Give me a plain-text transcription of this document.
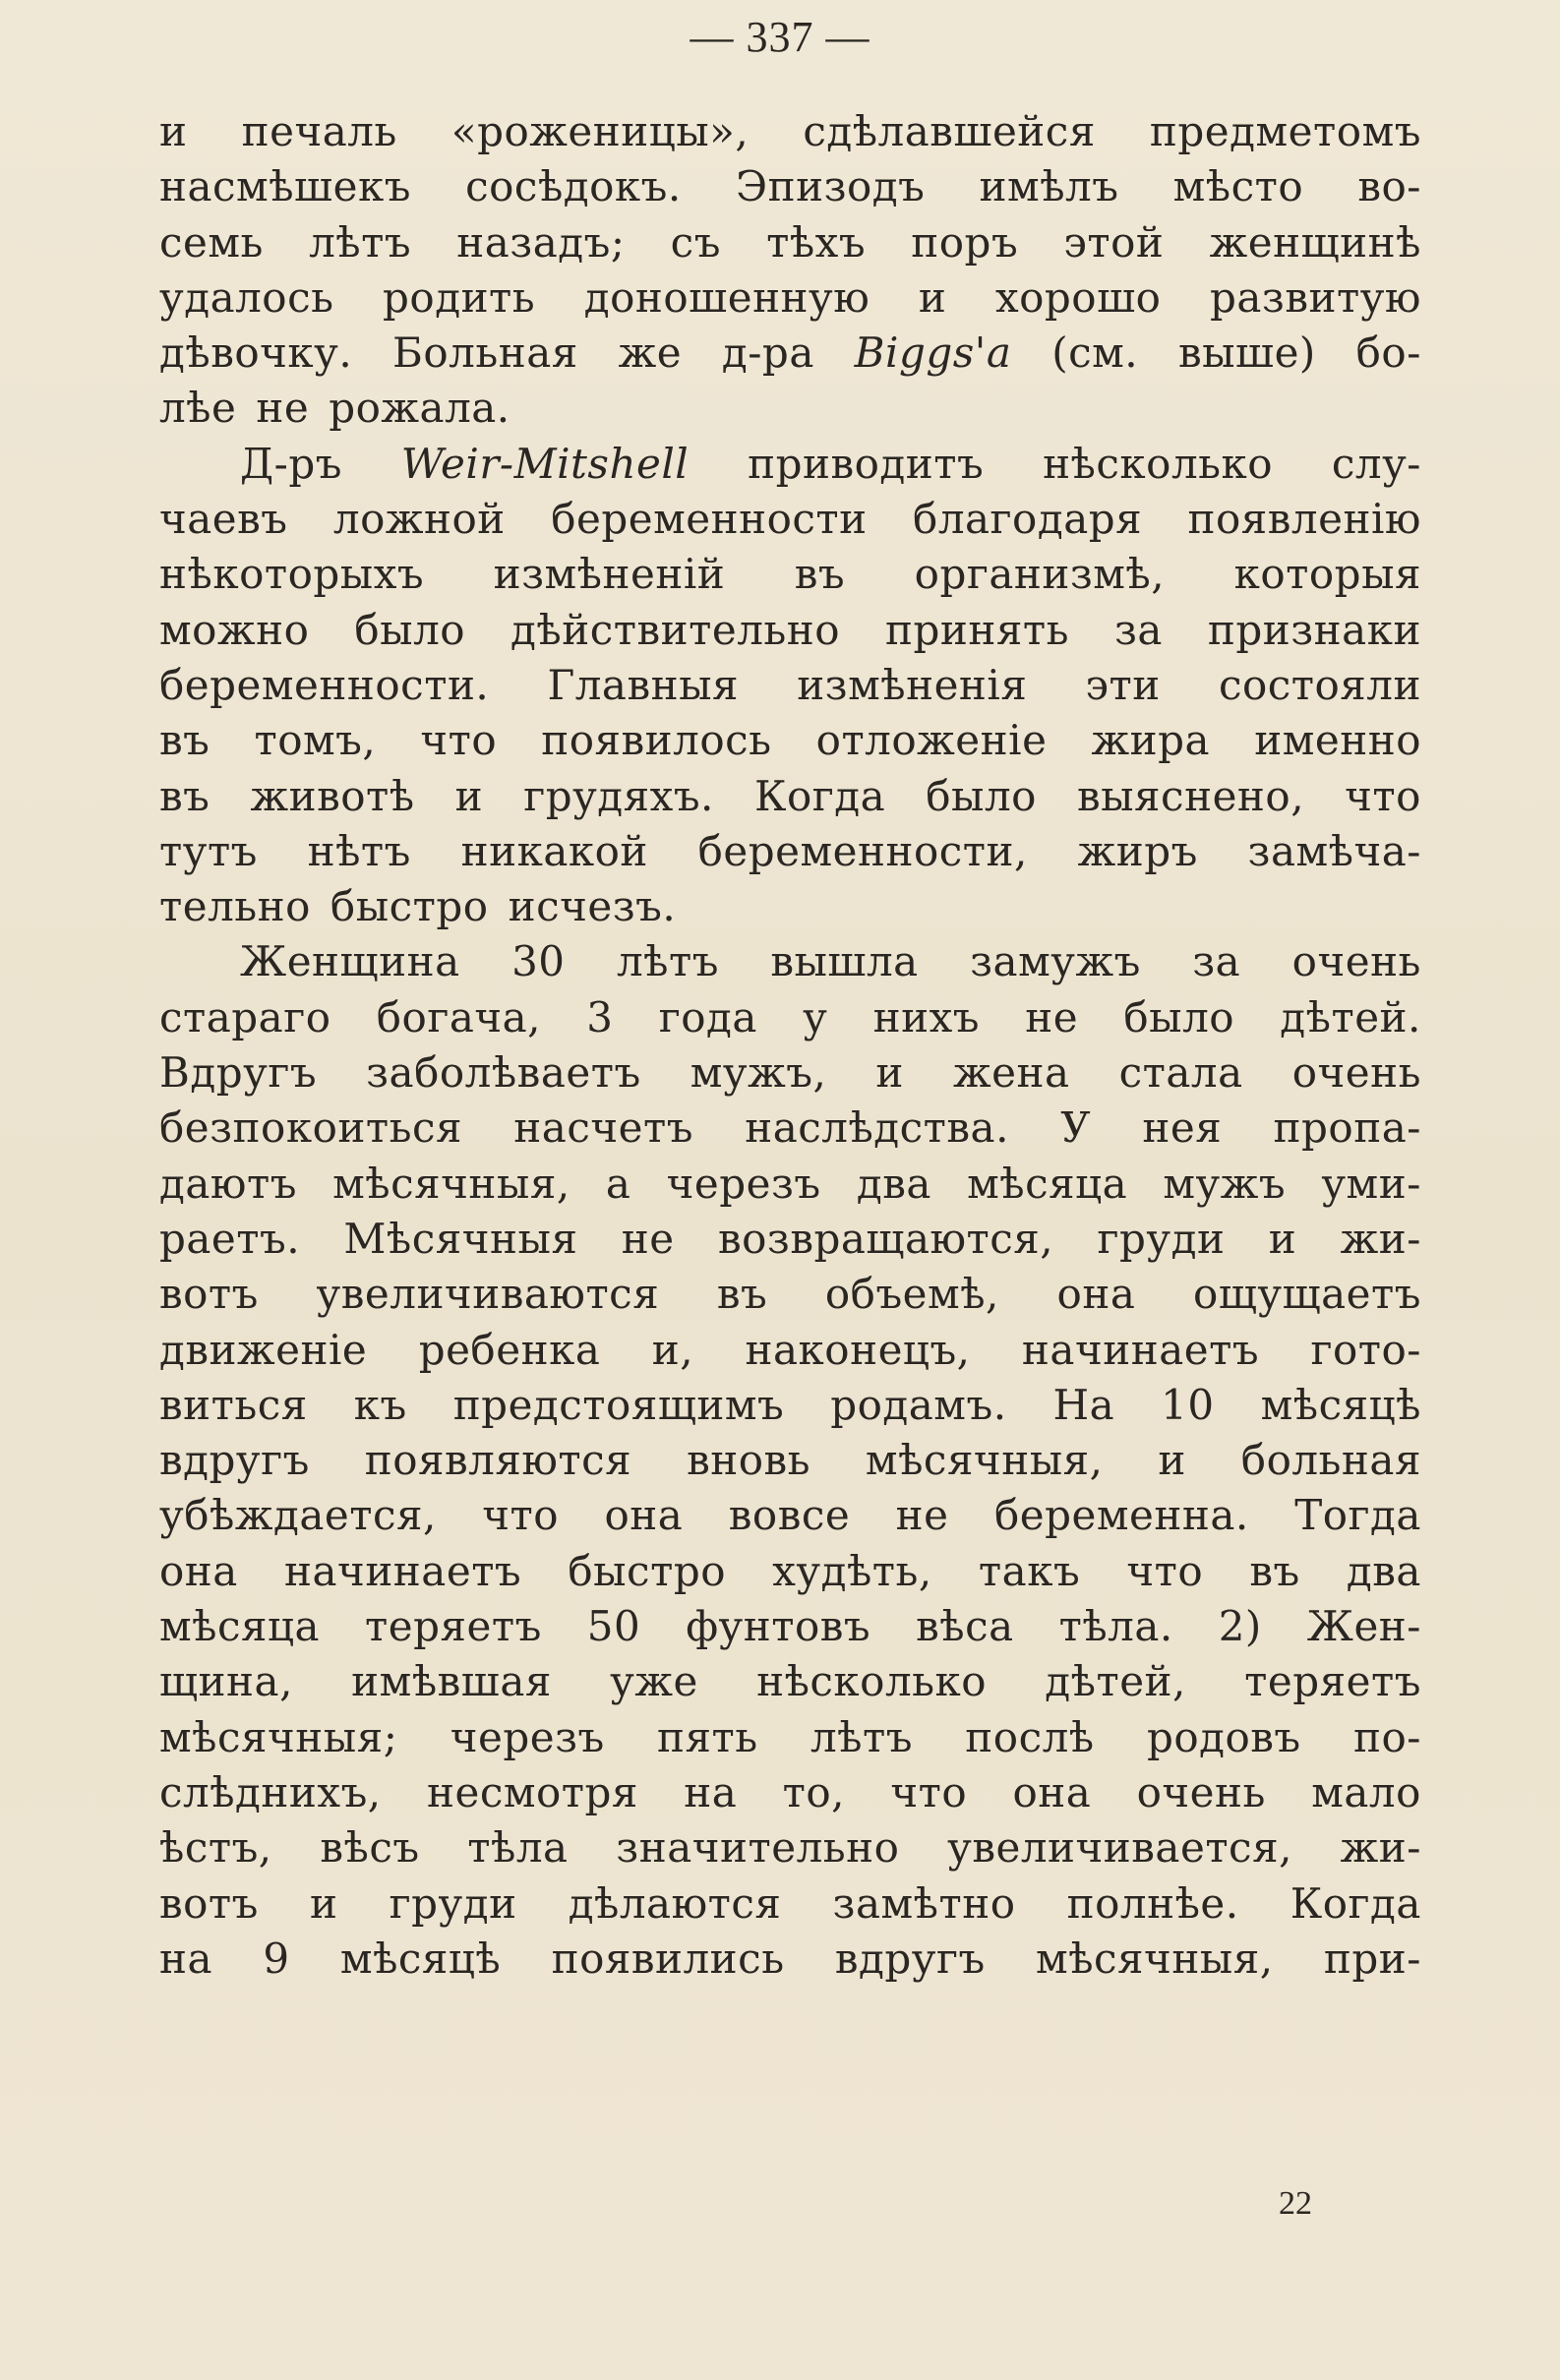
— 337 —
и печаль «роженицы», сдѣлавшейся предметомъ
насмѣшекъ сосѣдокъ. Эпизодъ имѣлъ мѣсто во-
семь лѣтъ назадъ; съ тѣхъ поръ этой женщинѣ
удалось родить доношенную и хорошо развитую
дѣвочку. Больная же д-ра Biggs'a (см. выше) бо-
лѣе не рожала.
Д-ръ Weir-Mitshell приводитъ нѣсколько слу-
чаевъ ложной беременности благодаря появленію
нѣкоторыхъ измѣненій въ организмѣ, которыя
можно было дѣйствительно принять за признаки
беременности. Главныя измѣненія эти состояли
въ томъ, что появилось отложеніе жира именно
въ животѣ и грудяхъ. Когда было выяснено, что
тутъ нѣтъ никакой беременности, жиръ замѣча-
тельно быстро исчезъ.
Женщина 30 лѣтъ вышла замужъ за очень
стараго богача, 3 года у нихъ не было дѣтей.
Вдругъ заболѣваетъ мужъ, и жена стала очень
безпокоиться насчетъ наслѣдства. У нея пропа-
даютъ мѣсячныя, а черезъ два мѣсяца мужъ уми-
раетъ. Мѣсячныя не возвращаются, груди и жи-
вотъ увеличиваются въ объемѣ, она ощущаетъ
движеніе ребенка и, наконецъ, начинаетъ гото-
виться къ предстоящимъ родамъ. На 10 мѣсяцѣ
вдругъ появляются вновь мѣсячныя, и больная
убѣждается, что она вовсе не беременна. Тогда
она начинаетъ быстро худѣть, такъ что въ два
мѣсяца теряетъ 50 фунтовъ вѣса тѣла. 2) Жен-
щина, имѣвшая уже нѣсколько дѣтей, теряетъ
мѣсячныя; черезъ пять лѣтъ послѣ родовъ по-
слѣднихъ, несмотря на то, что она очень мало
ѣстъ, вѣсъ тѣла значительно увеличивается, жи-
вотъ и груди дѣлаются замѣтно полнѣе. Когда
на 9 мѣсяцѣ появились вдругъ мѣсячныя, при-
22
